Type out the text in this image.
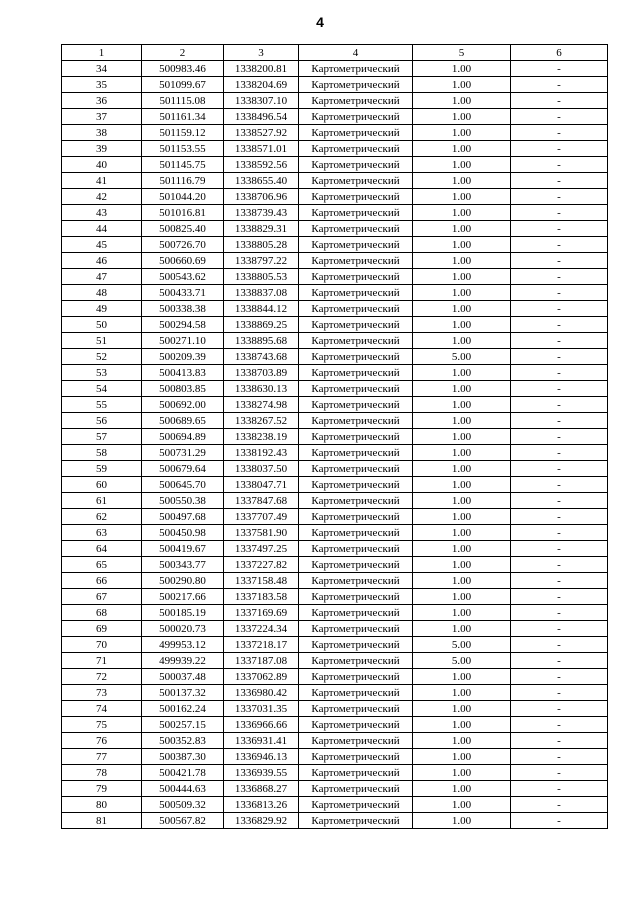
4
1	2	3	4	5	6
34	500983.46	1338200.81	Картометрический	1.00	-
35	501099.67	1338204.69	Картометрический	1.00	-
36	501115.08	1338307.10	Картометрический	1.00	-
37	501161.34	1338496.54	Картометрический	1.00	-
38	501159.12	1338527.92	Картометрический	1.00	-
39	501153.55	1338571.01	Картометрический	1.00	-
40	501145.75	1338592.56	Картометрический	1.00	-
41	501116.79	1338655.40	Картометрический	1.00	-
42	501044.20	1338706.96	Картометрический	1.00	-
43	501016.81	1338739.43	Картометрический	1.00	-
44	500825.40	1338829.31	Картометрический	1.00	-
45	500726.70	1338805.28	Картометрический	1.00	-
46	500660.69	1338797.22	Картометрический	1.00	-
47	500543.62	1338805.53	Картометрический	1.00	-
48	500433.71	1338837.08	Картометрический	1.00	-
49	500338.38	1338844.12	Картометрический	1.00	-
50	500294.58	1338869.25	Картометрический	1.00	-
51	500271.10	1338895.68	Картометрический	1.00	-
52	500209.39	1338743.68	Картометрический	5.00	-
53	500413.83	1338703.89	Картометрический	1.00	-
54	500803.85	1338630.13	Картометрический	1.00	-
55	500692.00	1338274.98	Картометрический	1.00	-
56	500689.65	1338267.52	Картометрический	1.00	-
57	500694.89	1338238.19	Картометрический	1.00	-
58	500731.29	1338192.43	Картометрический	1.00	-
59	500679.64	1338037.50	Картометрический	1.00	-
60	500645.70	1338047.71	Картометрический	1.00	-
61	500550.38	1337847.68	Картометрический	1.00	-
62	500497.68	1337707.49	Картометрический	1.00	-
63	500450.98	1337581.90	Картометрический	1.00	-
64	500419.67	1337497.25	Картометрический	1.00	-
65	500343.77	1337227.82	Картометрический	1.00	-
66	500290.80	1337158.48	Картометрический	1.00	-
67	500217.66	1337183.58	Картометрический	1.00	-
68	500185.19	1337169.69	Картометрический	1.00	-
69	500020.73	1337224.34	Картометрический	1.00	-
70	499953.12	1337218.17	Картометрический	5.00	-
71	499939.22	1337187.08	Картометрический	5.00	-
72	500037.48	1337062.89	Картометрический	1.00	-
73	500137.32	1336980.42	Картометрический	1.00	-
74	500162.24	1337031.35	Картометрический	1.00	-
75	500257.15	1336966.66	Картометрический	1.00	-
76	500352.83	1336931.41	Картометрический	1.00	-
77	500387.30	1336946.13	Картометрический	1.00	-
78	500421.78	1336939.55	Картометрический	1.00	-
79	500444.63	1336868.27	Картометрический	1.00	-
80	500509.32	1336813.26	Картометрический	1.00	-
81	500567.82	1336829.92	Картометрический	1.00	-
